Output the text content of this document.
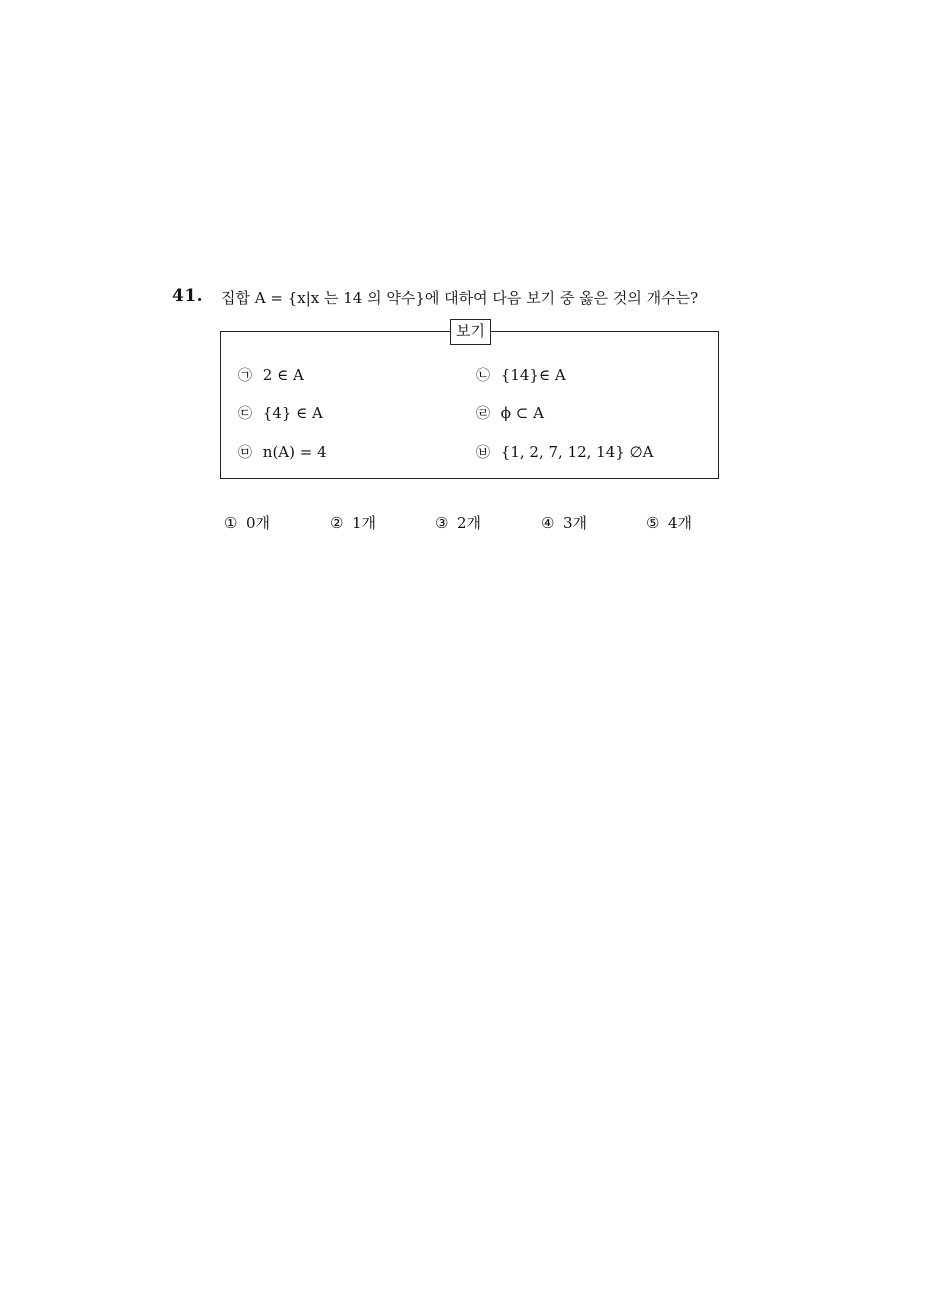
41. 집합 A = {x|x 는 14 의 약수}에 대하여 다음 보기 중 옳은 것의 개수는?
보기
㉠ 2 ∈ A	㉡ {14}∈ A
㉢ {4} ∈ A	㉣ ϕ ⊂ A
㉤ n(A) = 4	㉥ {1, 2, 7, 12, 14} ∅A
① 0개	② 1개	③ 2개	④ 3개	⑤ 4개
